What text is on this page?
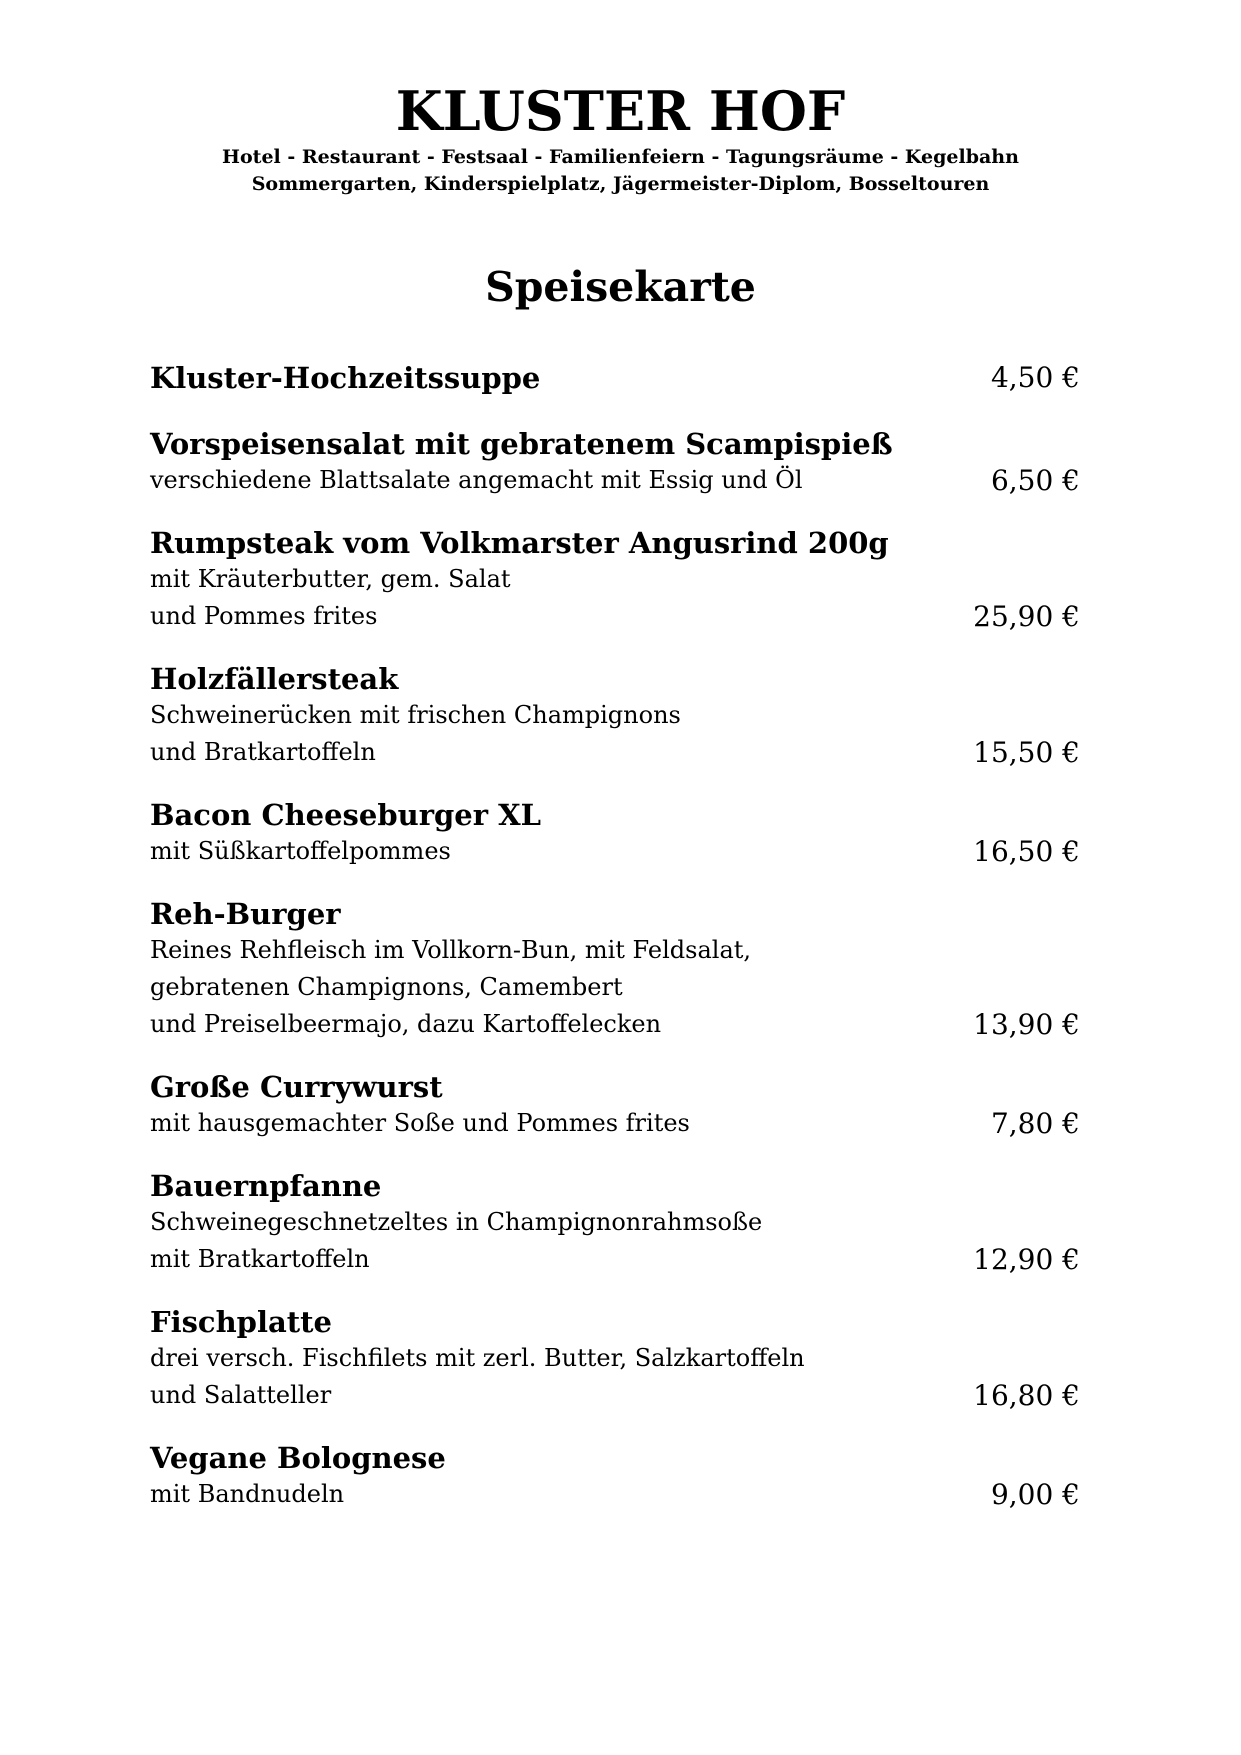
KLUSTER HOF

Hotel - Restaurant - Festsaal - Familienfeiern - Tagungsräume - Kegelbahn

Sommergarten, Kinderspielplatz, Jägermeister-Diplom, Bosseltouren

Speisekarte

Kluster-Hochzeitssuppe	4,50 €

Vorspeisensalat mit gebratenem Scampispieß

verschiedene Blattsalate angemacht mit Essig und Öl	6,50 €

Rumpsteak vom Volkmarster Angusrind 200g

mit Kräuterbutter, gem. Salat

und Pommes frites	25,90 €

Holzfällersteak

Schweinerücken mit frischen Champignons

und Bratkartoffeln	15,50 €

Bacon Cheeseburger XL

mit Süßkartoffelpommes	16,50 €

Reh-Burger

Reines Rehfleisch im Vollkorn-Bun, mit Feldsalat,

gebratenen Champignons, Camembert

und Preiselbeermajo, dazu Kartoffelecken	13,90 €

Große Currywurst

mit hausgemachter Soße und Pommes frites	7,80 €

Bauernpfanne

Schweinegeschnetzeltes in Champignonrahmsoße

mit Bratkartoffeln	12,90 €

Fischplatte

drei versch. Fischfilets mit zerl. Butter, Salzkartoffeln

und Salatteller	16,80 €

Vegane Bolognese

mit Bandnudeln	9,00 €
